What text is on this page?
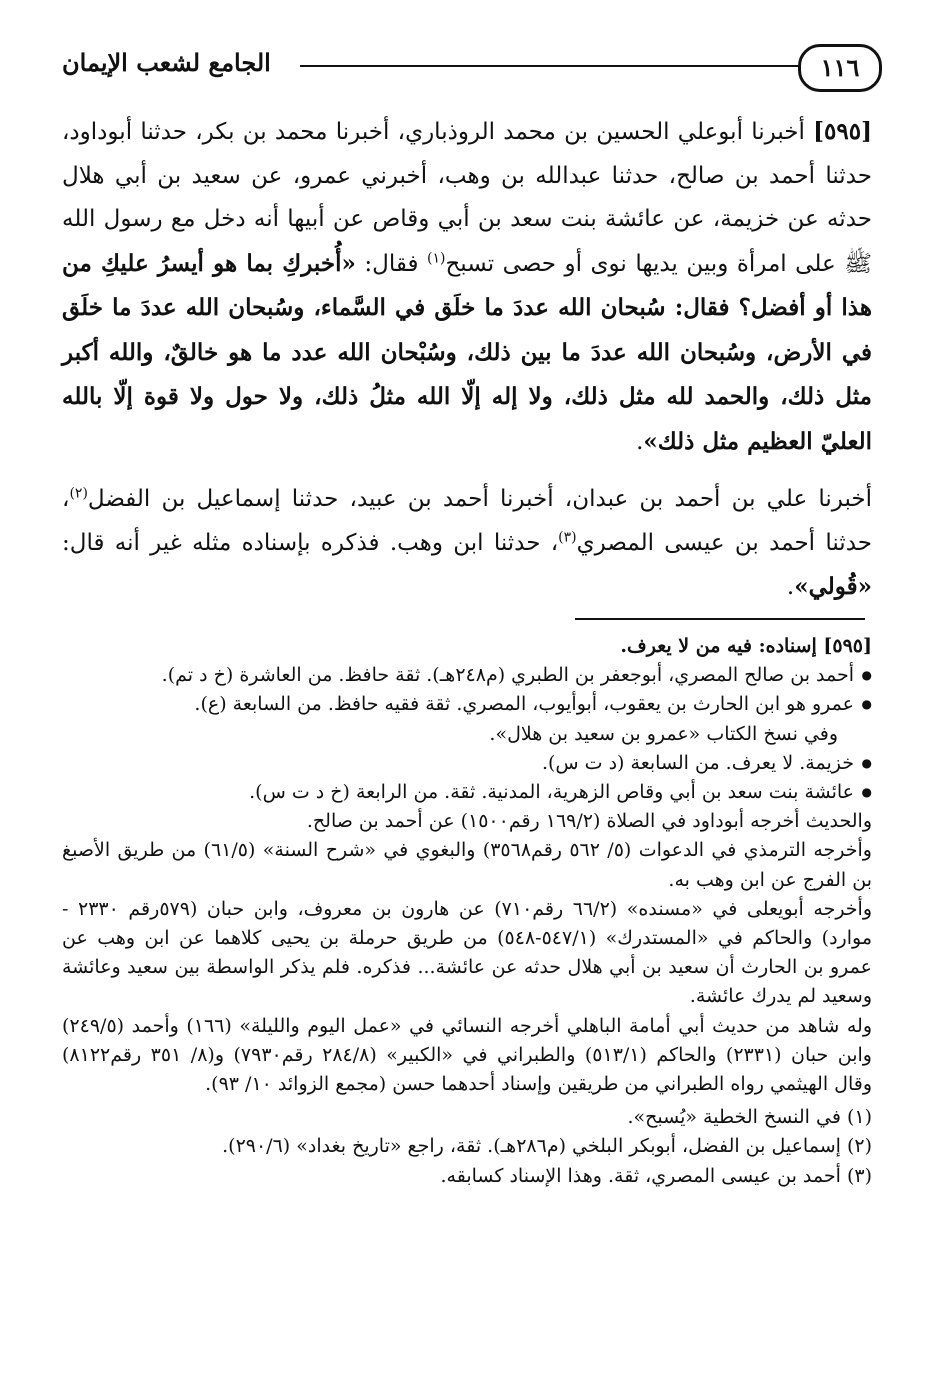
١١٦
الجامع لشعب الإيمان

[٥٩٥] أخبرنا أبوعلي الحسين بن محمد الروذباري، أخبرنا محمد بن بكر، حدثنا أبوداود، حدثنا أحمد بن صالح، حدثنا عبدالله بن وهب، أخبرني عمرو، عن سعيد بن أبي هلال حدثه عن خزيمة، عن عائشة بنت سعد بن أبي وقاص عن أبيها أنه دخل مع رسول الله ﷺ على امرأة وبين يديها نوى أو حصى تسبح$^{(١)}$ فقال: «أُخبركِ بما هو أيسرُ عليكِ من هذا أو أفضل؟ فقال: سُبحان الله عددَ ما خلَق في السَّماء، وسُبحان الله عددَ ما خلَق في الأرض، وسُبحان الله عددَ ما بين ذلك، وسُبْحان الله عدد ما هو خالقٌ، والله أكبر مثل ذلك، والحمد لله مثل ذلك، ولا إله إلّا الله مثلُ ذلك، ولا حول ولا قوة إلّا بالله العليّ العظيم مثل ذلك».

أخبرنا علي بن أحمد بن عبدان، أخبرنا أحمد بن عبيد، حدثنا إسماعيل بن الفضل$^{(٢)}$، حدثنا أحمد بن عيسى المصري$^{(٣)}$، حدثنا ابن وهب. فذكره بإسناده مثله غير أنه قال: «قُولي».

[٥٩٥] إسناده: فيه من لا يعرف.

● أحمد بن صالح المصري، أبوجعفر بن الطبري (م٢٤٨هـ). ثقة حافظ. من العاشرة (خ د تم).
● عمرو هو ابن الحارث بن يعقوب، أبوأيوب، المصري. ثقة فقيه حافظ. من السابعة (ع).

وفي نسخ الكتاب «عمرو بن سعيد بن هلال».

● خزيمة. لا يعرف. من السابعة (د ت س).
● عائشة بنت سعد بن أبي وقاص الزهرية، المدنية. ثقة. من الرابعة (خ د ت س).

والحديث أخرجه أبوداود في الصلاة (١٦٩/٢ رقم١٥٠٠) عن أحمد بن صالح.

وأخرجه الترمذي في الدعوات (٥/ ٥٦٢ رقم٣٥٦٨) والبغوي في «شرح السنة» (٦١/٥) من طريق الأصبغ بن الفرج عن ابن وهب به.

وأخرجه أبويعلى في «مسنده» (٦٦/٢ رقم٧١٠) عن هارون بن معروف، وابن حبان (٥٧٩رقم ٢٣٣٠ - موارد) والحاكم في «المستدرك» (٥٤٧/١-٥٤٨) من طريق حرملة بن يحيى كلاهما عن ابن وهب عن عمرو بن الحارث أن سعيد بن أبي هلال حدثه عن عائشة... فذكره. فلم يذكر الواسطة بين سعيد وعائشة وسعيد لم يدرك عائشة.

وله شاهد من حديث أبي أمامة الباهلي أخرجه النسائي في «عمل اليوم والليلة» (١٦٦) وأحمد (٢٤٩/٥) وابن حبان (٢٣٣١) والحاكم (٥١٣/١) والطبراني في «الكبير» (٢٨٤/٨ رقم٧٩٣٠) و(٨/ ٣٥١ رقم٨١٢٢) وقال الهيثمي رواه الطبراني من طريقين وإسناد أحدهما حسن (مجمع الزوائد ١٠/ ٩٣).

(١) في النسخ الخطية «يُسبح».

(٢) إسماعيل بن الفضل، أبوبكر البلخي (م٢٨٦هـ). ثقة، راجع «تاريخ بغداد» (٢٩٠/٦).

(٣) أحمد بن عيسى المصري، ثقة. وهذا الإسناد كسابقه.
